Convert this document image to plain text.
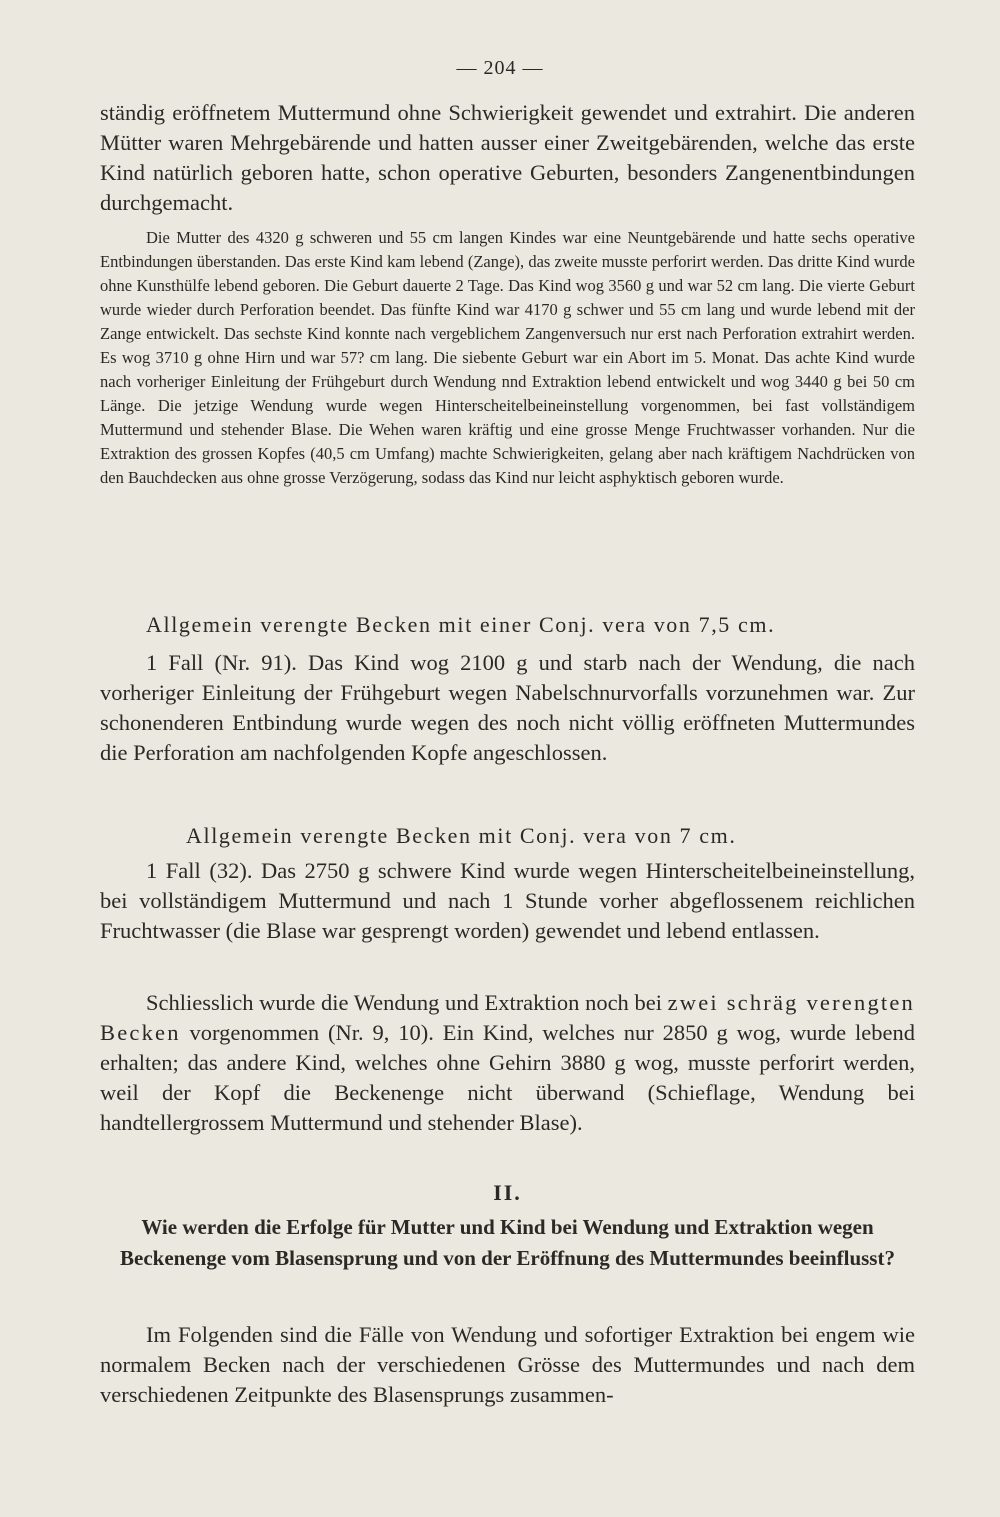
— 204 —

ständig eröffnetem Muttermund ohne Schwierigkeit gewendet und extrahirt. Die anderen Mütter waren Mehrgebärende und hatten ausser einer Zweitgebärenden, welche das erste Kind natürlich geboren hatte, schon operative Geburten, besonders Zangenentbindungen durchgemacht.

Die Mutter des 4320 g schweren und 55 cm langen Kindes war eine Neuntgebärende und hatte sechs operative Entbindungen überstanden. Das erste Kind kam lebend (Zange), das zweite musste perforirt werden. Das dritte Kind wurde ohne Kunsthülfe lebend geboren. Die Geburt dauerte 2 Tage. Das Kind wog 3560 g und war 52 cm lang. Die vierte Geburt wurde wieder durch Perforation beendet. Das fünfte Kind war 4170 g schwer und 55 cm lang und wurde lebend mit der Zange entwickelt. Das sechste Kind konnte nach vergeblichem Zangenversuch nur erst nach Perforation extrahirt werden. Es wog 3710 g ohne Hirn und war 57? cm lang. Die siebente Geburt war ein Abort im 5. Monat. Das achte Kind wurde nach vorheriger Einleitung der Frühgeburt durch Wendung nnd Extraktion lebend entwickelt und wog 3440 g bei 50 cm Länge. Die jetzige Wendung wurde wegen Hinterscheitelbeineinstellung vorgenommen, bei fast vollständigem Muttermund und stehender Blase. Die Wehen waren kräftig und eine grosse Menge Fruchtwasser vorhanden. Nur die Extraktion des grossen Kopfes (40,5 cm Umfang) machte Schwierigkeiten, gelang aber nach kräftigem Nachdrücken von den Bauchdecken aus ohne grosse Verzögerung, sodass das Kind nur leicht asphyktisch geboren wurde.

Allgemein verengte Becken mit einer Conj. vera von 7,5 cm.

1 Fall (Nr. 91). Das Kind wog 2100 g und starb nach der Wendung, die nach vorheriger Einleitung der Frühgeburt wegen Nabelschnurvorfalls vorzunehmen war. Zur schonenderen Entbindung wurde wegen des noch nicht völlig eröffneten Muttermundes die Perforation am nachfolgenden Kopfe angeschlossen.

Allgemein verengte Becken mit Conj. vera von 7 cm.

1 Fall (32). Das 2750 g schwere Kind wurde wegen Hinterscheitelbeineinstellung, bei vollständigem Muttermund und nach 1 Stunde vorher abgeflossenem reichlichen Fruchtwasser (die Blase war gesprengt worden) gewendet und lebend entlassen.

Schliesslich wurde die Wendung und Extraktion noch bei zwei schräg verengten Becken vorgenommen (Nr. 9, 10). Ein Kind, welches nur 2850 g wog, wurde lebend erhalten; das andere Kind, welches ohne Gehirn 3880 g wog, musste perforirt werden, weil der Kopf die Beckenenge nicht überwand (Schieflage, Wendung bei handtellergrossem Muttermund und stehender Blase).

II.
Wie werden die Erfolge für Mutter und Kind bei Wendung und Extraktion wegen Beckenenge vom Blasensprung und von der Eröffnung des Muttermundes beeinflusst?

Im Folgenden sind die Fälle von Wendung und sofortiger Extraktion bei engem wie normalem Becken nach der verschiedenen Grösse des Muttermundes und nach dem verschiedenen Zeitpunkte des Blasensprungs zusammen-
